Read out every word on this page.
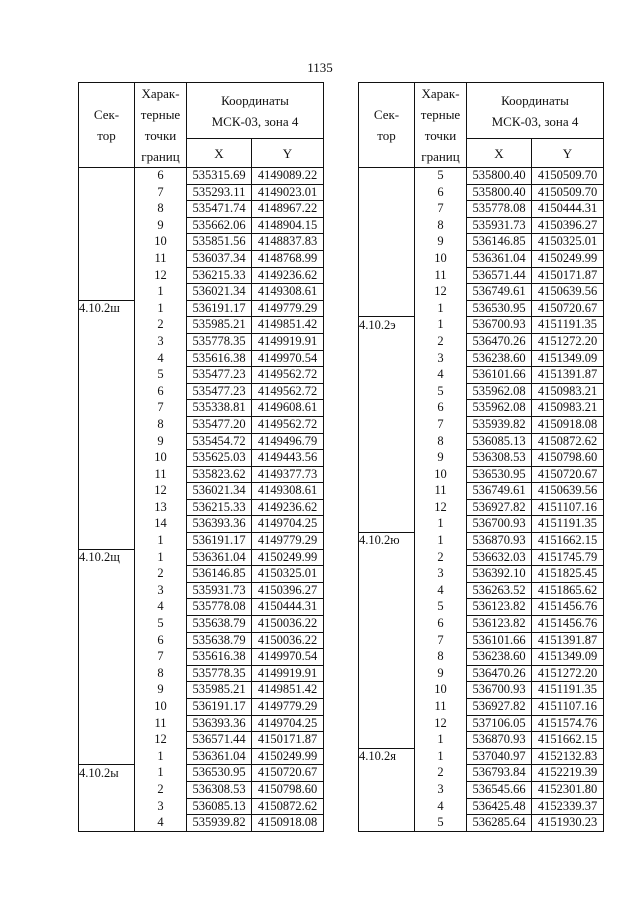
1135
Сек-
тор	Харак-
терные
точки
границ	Координаты
МСК-03, зона 4	
		X	Y
	6	535315.69	4149089.22
	7	535293.11	4149023.01
	8	535471.74	4148967.22
	9	535662.06	4148904.15
	10	535851.56	4148837.83
	11	536037.34	4148768.99
	12	536215.33	4149236.62
	1	536021.34	4149308.61
4.10.2ш	1	536191.17	4149779.29
	2	535985.21	4149851.42
	3	535778.35	4149919.91
	4	535616.38	4149970.54
	5	535477.23	4149562.72
	6	535477.23	4149562.72
	7	535338.81	4149608.61
	8	535477.20	4149562.72
	9	535454.72	4149496.79
	10	535625.03	4149443.56
	11	535823.62	4149377.73
	12	536021.34	4149308.61
	13	536215.33	4149236.62
	14	536393.36	4149704.25
	1	536191.17	4149779.29
4.10.2щ	1	536361.04	4150249.99
	2	536146.85	4150325.01
	3	535931.73	4150396.27
	4	535778.08	4150444.31
	5	535638.79	4150036.22
	6	535638.79	4150036.22
	7	535616.38	4149970.54
	8	535778.35	4149919.91
	9	535985.21	4149851.42
	10	536191.17	4149779.29
	11	536393.36	4149704.25
	12	536571.44	4150171.87
	1	536361.04	4150249.99
4.10.2ы	1	536530.95	4150720.67
	2	536308.53	4150798.60
	3	536085.13	4150872.62
	4	535939.82	4150918.08
Сек-
тор	Харак-
терные
точки
границ	Координаты
МСК-03, зона 4	
		X	Y
	5	535800.40	4150509.70
	6	535800.40	4150509.70
	7	535778.08	4150444.31
	8	535931.73	4150396.27
	9	536146.85	4150325.01
	10	536361.04	4150249.99
	11	536571.44	4150171.87
	12	536749.61	4150639.56
	1	536530.95	4150720.67
4.10.2э	1	536700.93	4151191.35
	2	536470.26	4151272.20
	3	536238.60	4151349.09
	4	536101.66	4151391.87
	5	535962.08	4150983.21
	6	535962.08	4150983.21
	7	535939.82	4150918.08
	8	536085.13	4150872.62
	9	536308.53	4150798.60
	10	536530.95	4150720.67
	11	536749.61	4150639.56
	12	536927.82	4151107.16
	1	536700.93	4151191.35
4.10.2ю	1	536870.93	4151662.15
	2	536632.03	4151745.79
	3	536392.10	4151825.45
	4	536263.52	4151865.62
	5	536123.82	4151456.76
	6	536123.82	4151456.76
	7	536101.66	4151391.87
	8	536238.60	4151349.09
	9	536470.26	4151272.20
	10	536700.93	4151191.35
	11	536927.82	4151107.16
	12	537106.05	4151574.76
	1	536870.93	4151662.15
4.10.2я	1	537040.97	4152132.83
	2	536793.84	4152219.39
	3	536545.66	4152301.80
	4	536425.48	4152339.37
	5	536285.64	4151930.23
